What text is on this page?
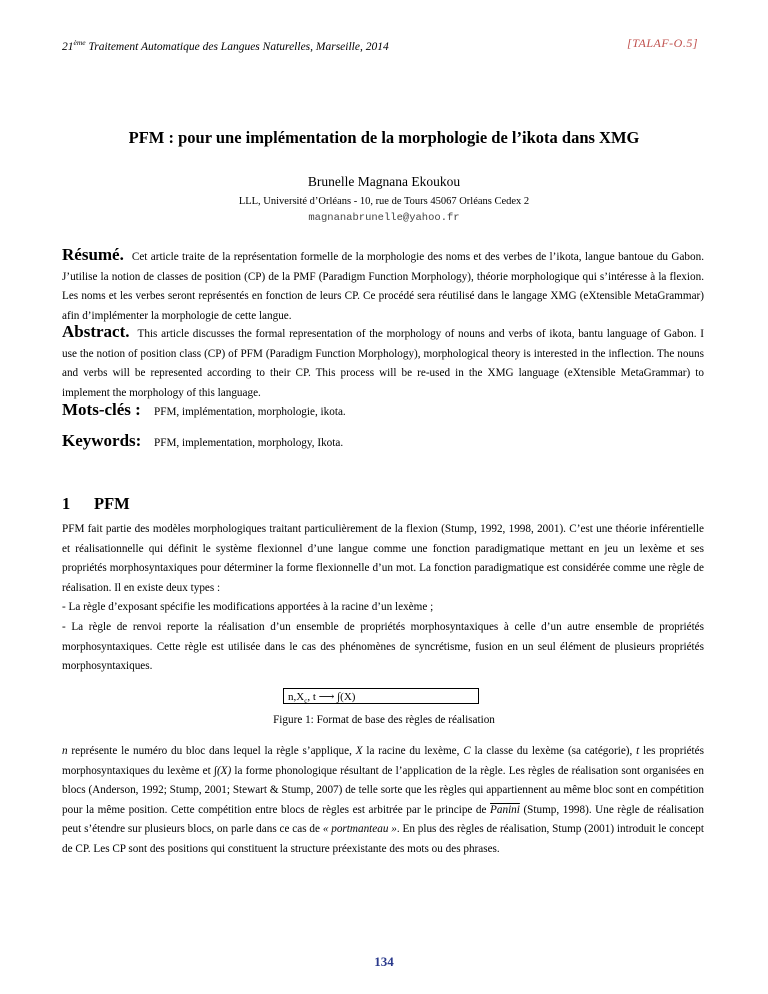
21ème Traitement Automatique des Langues Naturelles, Marseille, 2014	[TALAF-O.5]
PFM : pour une implémentation de la morphologie de l’ikota dans XMG
Brunelle Magnana Ekoukou
LLL, Université d’Orléans - 10, rue de Tours 45067 Orléans Cedex 2
magnanabrunelle@yahoo.fr
Résumé. Cet article traite de la représentation formelle de la morphologie des noms et des verbes de l’ikota, langue bantoue du Gabon. J’utilise la notion de classes de position (CP) de la PMF (Paradigm Function Morphology), théorie morphologique qui s’intéresse à la flexion. Les noms et les verbes seront représentés en fonction de leurs CP. Ce procédé sera réutilisé dans le langage XMG (eXtensible MetaGrammar) afin d’implémenter la morphologie de cette langue.
Abstract. This article discusses the formal representation of the morphology of nouns and verbs of ikota, bantu language of Gabon. I use the notion of position class (CP) of PFM (Paradigm Function Morphology), morphological theory is interested in the inflection. The nouns and verbs will be represented according to their CP. This process will be re-used in the XMG language (eXtensible MetaGrammar) to implement the morphology of this language.
Mots-clés : PFM, implémentation, morphologie, ikota.
Keywords: PFM, implementation, morphology, Ikota.
1 PFM

PFM fait partie des modèles morphologiques traitant particulièrement de la flexion (Stump, 1992, 1998, 2001). C’est une théorie inférentielle et réalisationnelle qui définit le système flexionnel d’une langue comme une fonction paradigmatique mettant en jeu un lexème et ses propriétés morphosyntaxiques pour déterminer la forme flexionnelle d’un mot. La fonction paradigmatique est considérée comme une règle de réalisation. Il en existe deux types :

- La règle d’exposant spécifie les modifications apportées à la racine d’un lexème ;

- La règle de renvoi reporte la réalisation d’un ensemble de propriétés morphosyntaxiques à celle d’un autre ensemble de propriétés morphosyntaxiques. Cette règle est utilisée dans le cas des phénomènes de syncrétisme, fusion en un seul élément de plusieurs propriétés morphosyntaxiques.

$n,X_c$, t ⟶ ∫(X)
Figure 1: Format de base des règles de réalisation
n représente le numéro du bloc dans lequel la règle s’applique, X la racine du lexème, C la classe du lexème (sa catégorie), t les propriétés morphosyntaxiques du lexème et ∫(X) la forme phonologique résultant de l’application de la règle. Les règles de réalisation sont organisées en blocs (Anderson, 1992; Stump, 2001; Stewart & Stump, 2007) de telle sorte que les règles qui appartiennent au même bloc sont en compétition pour la même position. Cette compétition entre blocs de règles est arbitrée par le principe de Panini (Stump, 1998). Une règle de réalisation peut s’étendre sur plusieurs blocs, on parle dans ce cas de « portmanteau ». En plus des règles de réalisation, Stump (2001) introduit le concept de CP. Les CP sont des positions qui constituent la structure préexistante des mots ou des phrases.
134
